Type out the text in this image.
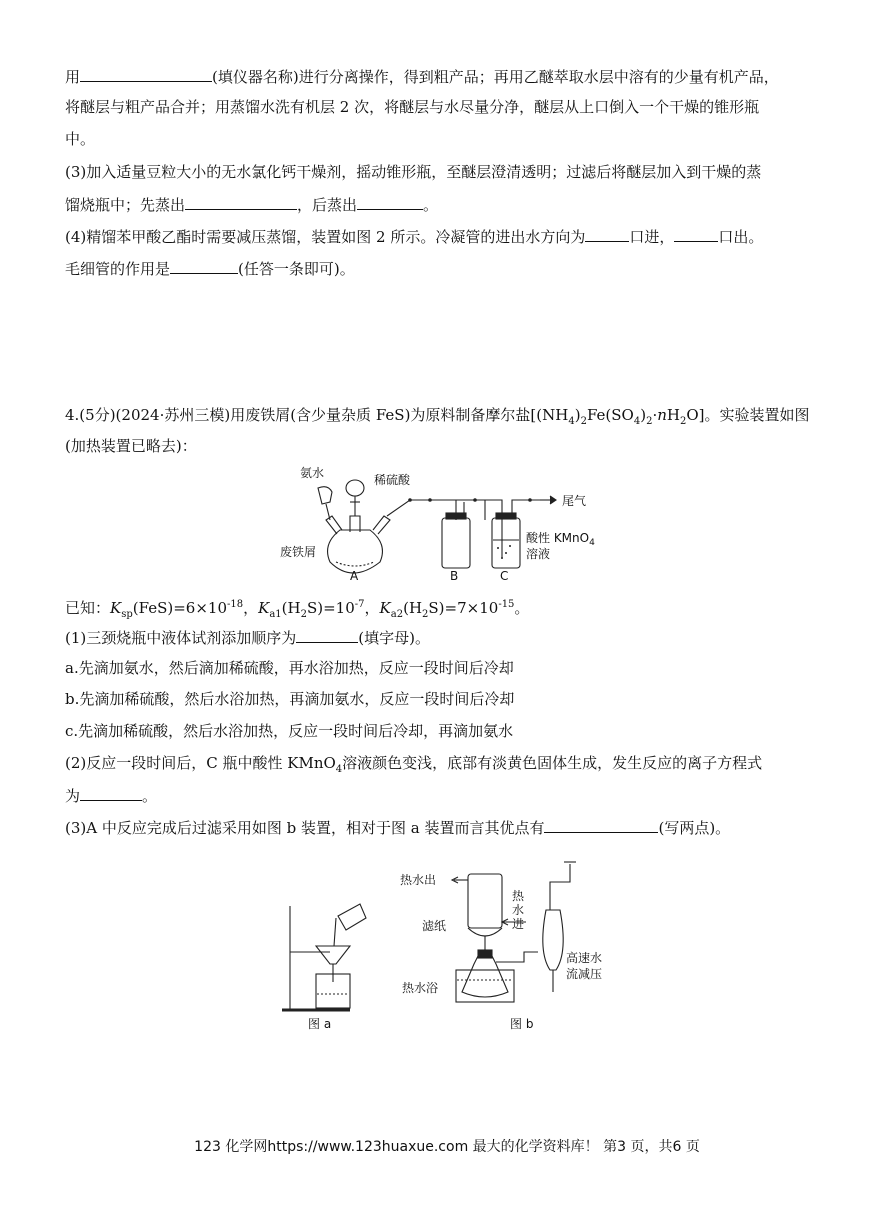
用	(填仪器名称)进行分离操作，得到粗产品；再用乙醚萃取水层中溶有的少量有机产品，
将醚层与粗产品合并；用蒸馏水洗有机层 2 次，将醚层与水尽量分净，醚层从上口倒入一个干燥的锥形瓶
中。
(3)加入适量豆粒大小的无水氯化钙干燥剂，摇动锥形瓶，至醚层澄清透明；过滤后将醚层加入到干燥的蒸
馏烧瓶中；先蒸出	，后蒸出	。
(4)精馏苯甲酸乙酯时需要减压蒸馏，装置如图 2 所示。冷凝管的进出水方向为	口进，	口出。
毛细管的作用是	(任答一条即可)。
4.(5分)(2024·苏州三模)用废铁屑(含少量杂质 FeS)为原料制备摩尔盐$[(NH_4)_2Fe(SO_4)_2\cdot nH_2O]$。实验装置如图
(加热装置已略去)：
氨水	稀硫酸
尾气
废铁屑
酸性 KMnO$_4$
溶液
A	B	C
已知：$K_{sp}(FeS)=6\times 10^{-18}$，$K_{a1}(H_2S)=10^{-7}$，$K_{a2}(H_2S)=7\times 10^{-15}$。
(1)三颈烧瓶中液体试剂添加顺序为	(填字母)。
a.先滴加氨水，然后滴加稀硫酸，再水浴加热，反应一段时间后冷却
b.先滴加稀硫酸，然后水浴加热，再滴加氨水，反应一段时间后冷却
c.先滴加稀硫酸，然后水浴加热，反应一段时间后冷却，再滴加氨水
(2)反应一段时间后，C 瓶中酸性 KMnO$_4$溶液颜色变浅，底部有淡黄色固体生成，发生反应的离子方程式
为	。
(3)A 中反应完成后过滤采用如图 b 装置，相对于图 a 装置而言其优点有	(写两点)。
图 a
热水出
热
水
进
滤纸
热水浴
高速水
流减压
图 b
123 化学网https://www.123huaxue.com 最大的化学资料库！ 第3 页，共6 页
